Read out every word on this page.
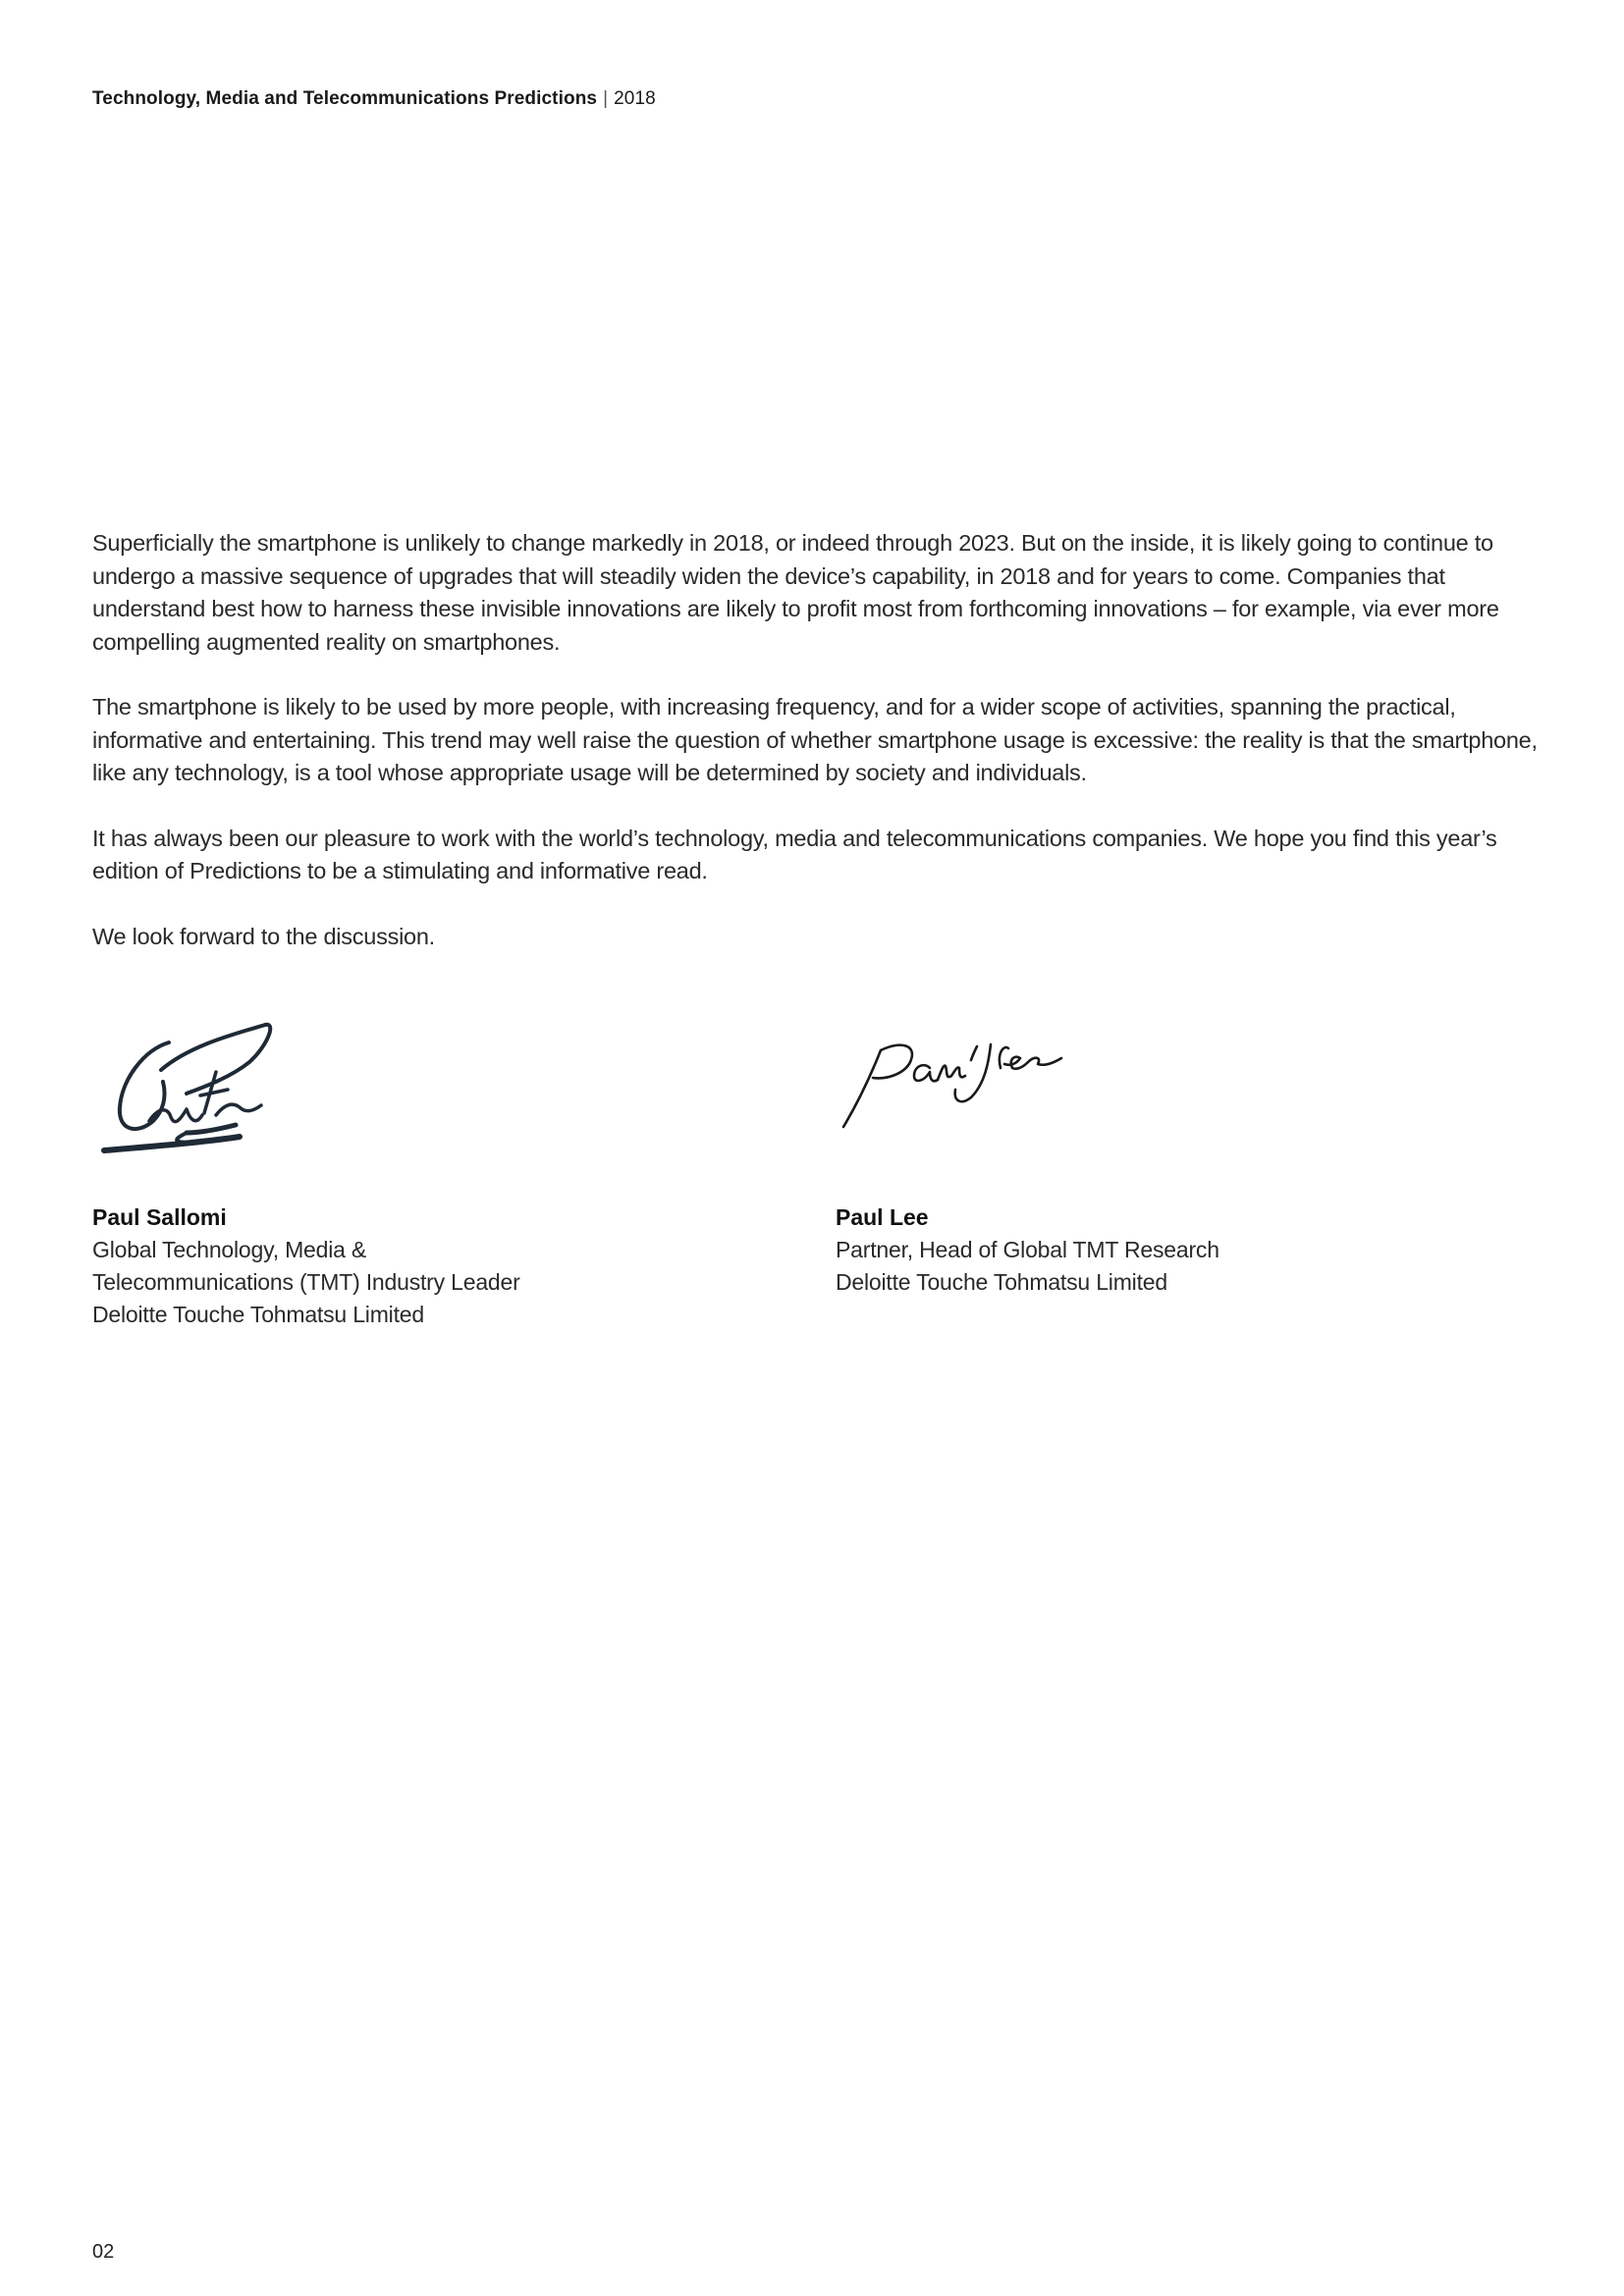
Technology, Media and Telecommunications Predictions | 2018

Superficially the smartphone is unlikely to change markedly in 2018, or indeed through 2023. But on the inside, it is likely going to continue to undergo a massive sequence of upgrades that will steadily widen the device’s capability, in 2018 and for years to come. Companies that understand best how to harness these invisible innovations are likely to profit most from forthcoming innovations – for example, via ever more compelling augmented reality on smartphones.

The smartphone is likely to be used by more people, with increasing frequency, and for a wider scope of activities, spanning the practical, informative and entertaining. This trend may well raise the question of whether smartphone usage is excessive: the reality is that the smartphone, like any technology, is a tool whose appropriate usage will be determined by society and individuals.

It has always been our pleasure to work with the world’s technology, media and telecommunications companies. We hope you find this year’s edition of Predictions to be a stimulating and informative read.

We look forward to the discussion.

Paul Sallomi
Global Technology, Media &
Telecommunications (TMT) Industry Leader
Deloitte Touche Tohmatsu Limited
Paul Lee
Partner, Head of Global TMT Research
Deloitte Touche Tohmatsu Limited
02
